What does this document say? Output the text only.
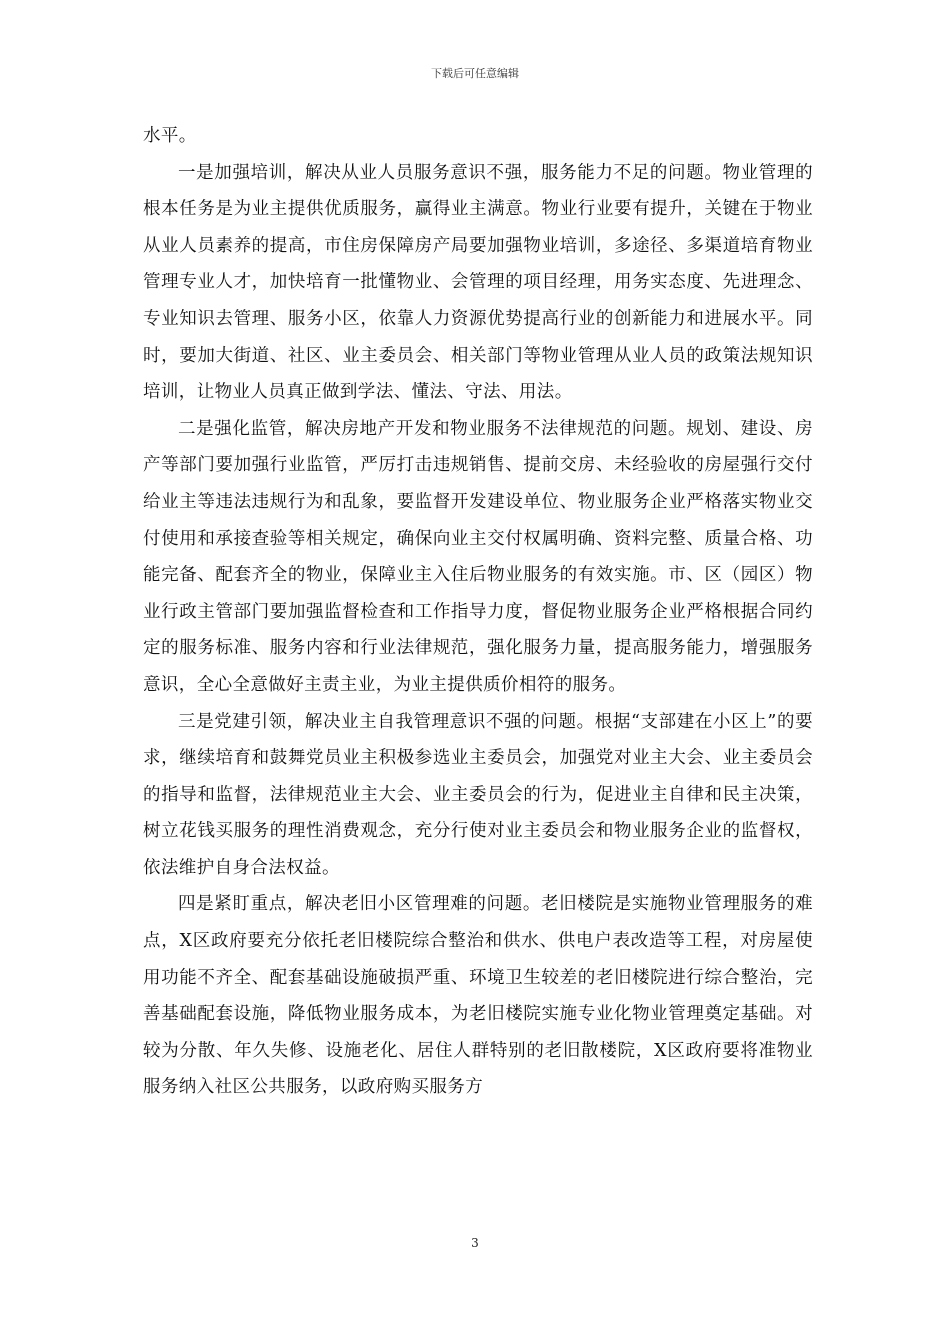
下载后可任意编辑

水平。

一是加强培训，解决从业人员服务意识不强，服务能力不足的问题。物业管理的根本任务是为业主提供优质服务，赢得业主满意。物业行业要有提升，关键在于物业从业人员素养的提高，市住房保障房产局要加强物业培训，多途径、多渠道培育物业管理专业人才，加快培育一批懂物业、会管理的项目经理，用务实态度、先进理念、专业知识去管理、服务小区，依靠人力资源优势提高行业的创新能力和进展水平。同时，要加大街道、社区、业主委员会、相关部门等物业管理从业人员的政策法规知识培训，让物业人员真正做到学法、懂法、守法、用法。

二是强化监管，解决房地产开发和物业服务不法律规范的问题。规划、建设、房产等部门要加强行业监管，严厉打击违规销售、提前交房、未经验收的房屋强行交付给业主等违法违规行为和乱象，要监督开发建设单位、物业服务企业严格落实物业交付使用和承接查验等相关规定，确保向业主交付权属明确、资料完整、质量合格、功能完备、配套齐全的物业，保障业主入住后物业服务的有效实施。市、区（园区）物业行政主管部门要加强监督检查和工作指导力度，督促物业服务企业严格根据合同约定的服务标准、服务内容和行业法律规范，强化服务力量，提高服务能力，增强服务意识，全心全意做好主责主业，为业主提供质价相符的服务。

三是党建引领，解决业主自我管理意识不强的问题。根据“支部建在小区上”的要求，继续培育和鼓舞党员业主积极参选业主委员会，加强党对业主大会、业主委员会的指导和监督，法律规范业主大会、业主委员会的行为，促进业主自律和民主决策，树立花钱买服务的理性消费观念，充分行使对业主委员会和物业服务企业的监督权，依法维护自身合法权益。

四是紧盯重点，解决老旧小区管理难的问题。老旧楼院是实施物业管理服务的难点，X区政府要充分依托老旧楼院综合整治和供水、供电户表改造等工程，对房屋使用功能不齐全、配套基础设施破损严重、环境卫生较差的老旧楼院进行综合整治，完善基础配套设施，降低物业服务成本，为老旧楼院实施专业化物业管理奠定基础。对较为分散、年久失修、设施老化、居住人群特别的老旧散楼院，X区政府要将准物业服务纳入社区公共服务，以政府购买服务方

3
